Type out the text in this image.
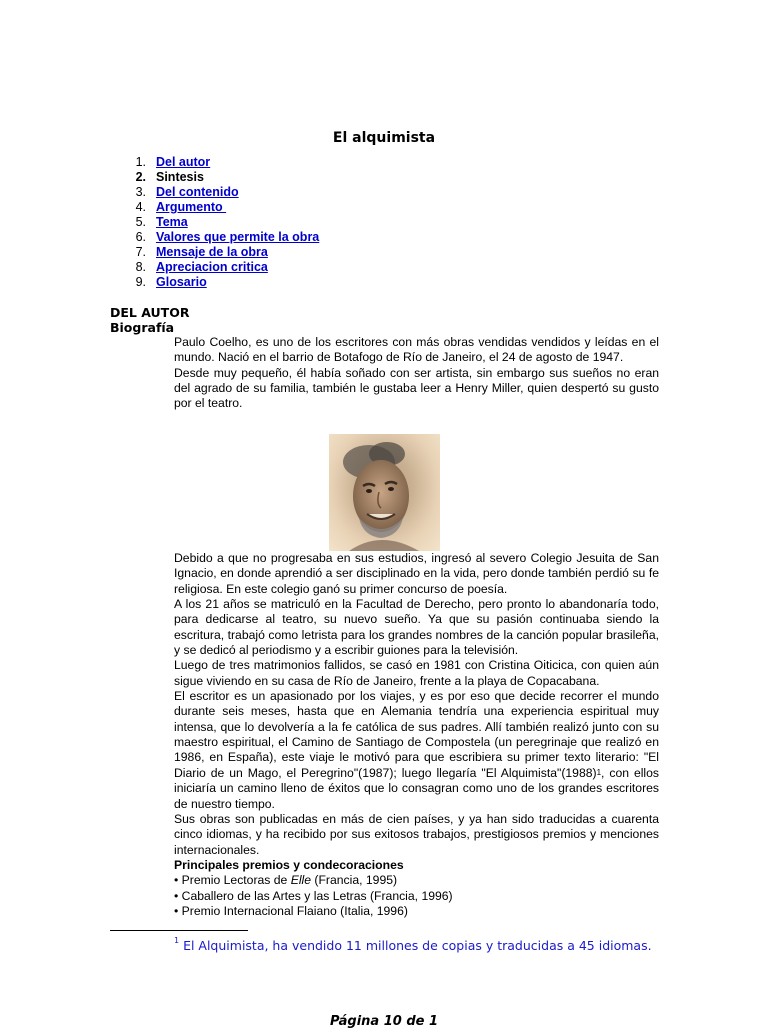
El alquimista
1. Del autor
2. Sintesis
3. Del contenido
4. Argumento
5. Tema
6. Valores que permite la obra
7. Mensaje de la obra
8. Apreciacion critica
9. Glosario
DEL AUTOR
Biografía

Paulo Coelho, es uno de los escritores con más obras vendidas vendidos y leídas en el mundo. Nació en el barrio de Botafogo de Río de Janeiro, el 24 de agosto de 1947.

Desde muy pequeño, él había soñado con ser artista, sin embargo sus sueños no eran del agrado de su familia, también le gustaba leer a Henry Miller, quien despertó su gusto por el teatro.

Debido a que no progresaba en sus estudios, ingresó al severo Colegio Jesuita de San Ignacio, en donde aprendió a ser disciplinado en la vida, pero donde también perdió su fe religiosa. En este colegio ganó su primer concurso de poesía.

A los 21 años se matriculó en la Facultad de Derecho, pero pronto lo abandonaría todo, para dedicarse al teatro, su nuevo sueño. Ya que su pasión continuaba siendo la escritura, trabajó como letrista para los grandes nombres de la canción popular brasileña, y se dedicó al periodismo y a escribir guiones para la televisión.

Luego de tres matrimonios fallidos, se casó en 1981 con Cristina Oiticica, con quien aún sigue viviendo en su casa de Río de Janeiro, frente a la playa de Copacabana.

El escritor es un apasionado por los viajes, y es por eso que decide recorrer el mundo durante seis meses, hasta que en Alemania tendría una experiencia espiritual muy intensa, que lo devolvería a la fe católica de sus padres. Allí también realizó junto con su maestro espiritual, el Camino de Santiago de Compostela (un peregrinaje que realizó en 1986, en España), este viaje le motivó para que escribiera su primer texto literario: "El Diario de un Mago, el Peregrino"(1987); luego llegaría "El Alquimista"(1988)$^1$, con ellos iniciaría un camino lleno de éxitos que lo consagran como uno de los grandes escritores de nuestro tiempo.

Sus obras son publicadas en más de cien países, y ya han sido traducidas a cuarenta cinco idiomas, y ha recibido por sus exitosos trabajos, prestigiosos premios y menciones internacionales.

Principales premios y condecoraciones

• Premio Lectoras de Elle (Francia, 1995)

• Caballero de las Artes y las Letras (Francia, 1996)

• Premio Internacional Flaiano (Italia, 1996)

$^1$ El Alquimista, ha vendido 11 millones de copias y traducidas a 45 idiomas.
Página 10 de 1
